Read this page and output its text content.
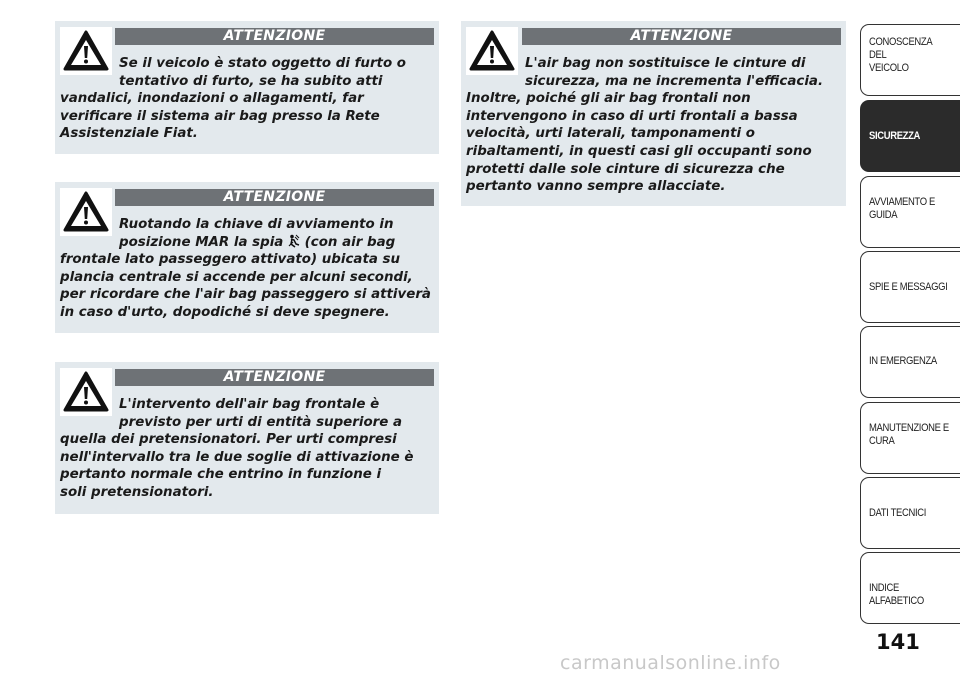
ATTENZIONE
Se il veicolo è stato oggetto di furto o
tentativo di furto, se ha subito atti
vandalici, inondazioni o allagamenti, far
verificare il sistema air bag presso la Rete
Assistenziale Fiat.
ATTENZIONE
Ruotando la chiave di avviamento in
posizione MAR la spia  (con air bag
frontale lato passeggero attivato) ubicata su
plancia centrale si accende per alcuni secondi,
per ricordare che l'air bag passeggero si attiverà
in caso d'urto, dopodiché si deve spegnere.
ATTENZIONE
L'intervento dell'air bag frontale è
previsto per urti di entità superiore a
quella dei pretensionatori. Per urti compresi
nell'intervallo tra le due soglie di attivazione è
pertanto normale che entrino in funzione i
soli pretensionatori.
ATTENZIONE
L'air bag non sostituisce le cinture di
sicurezza, ma ne incrementa l'efficacia.
Inoltre, poiché gli air bag frontali non
intervengono in caso di urti frontali a bassa
velocità, urti laterali, tamponamenti o
ribaltamenti, in questi casi gli occupanti sono
protetti dalle sole cinture di sicurezza che
pertanto vanno sempre allacciate.
CONOSCENZA DEL
VEICOLO
SICUREZZA
AVVIAMENTO E
GUIDA
SPIE E MESSAGGI
IN EMERGENZA
MANUTENZIONE E
CURA
DATI TECNICI
INDICE ALFABETICO
141
carmanualsonline.info
